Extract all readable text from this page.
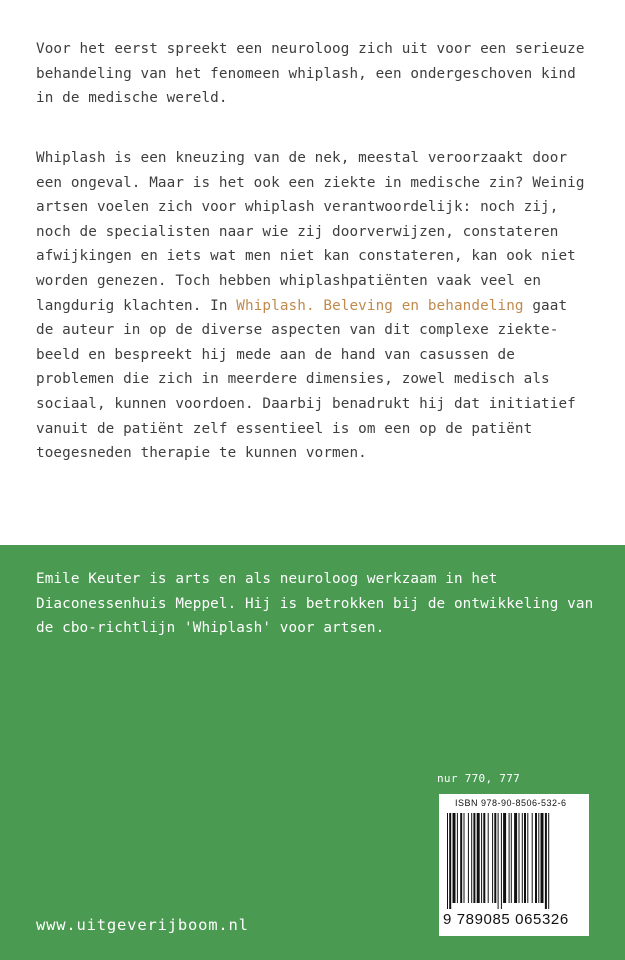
Voor het eerst spreekt een neuroloog zich uit voor een serieuze behandeling van het fenomeen whiplash, een ondergeschoven kind in de medische wereld.

Whiplash is een kneuzing van de nek, meestal veroorzaakt door een ongeval. Maar is het ook een ziekte in medische zin? Weinig artsen voelen zich voor whiplash verantwoordelijk: noch zij, noch de specialisten naar wie zij doorverwijzen, constateren afwijkingen en iets wat men niet kan constateren, kan ook niet worden genezen. Toch hebben whiplashpatiënten vaak veel en langdurig klachten. In Whiplash. Beleving en behandeling gaat de auteur in op de diverse aspecten van dit complexe ziektebeeld en bespreekt hij mede aan de hand van casussen de problemen die zich in meerdere dimensies, zowel medisch als sociaal, kunnen voordoen. Daarbij benadrukt hij dat initiatief vanuit de patiënt zelf essentieel is om een op de patiënt toegesneden therapie te kunnen vormen.

Emile Keuter is arts en als neuroloog werkzaam in het Diaconessenhuis Meppel. Hij is betrokken bij de ontwikkeling van de cbo-richtlijn 'Whiplash' voor artsen.

nur 770, 777
ISBN 978-90-8506-532-6
9 789085 065326
www.uitgeverijboom.nl
